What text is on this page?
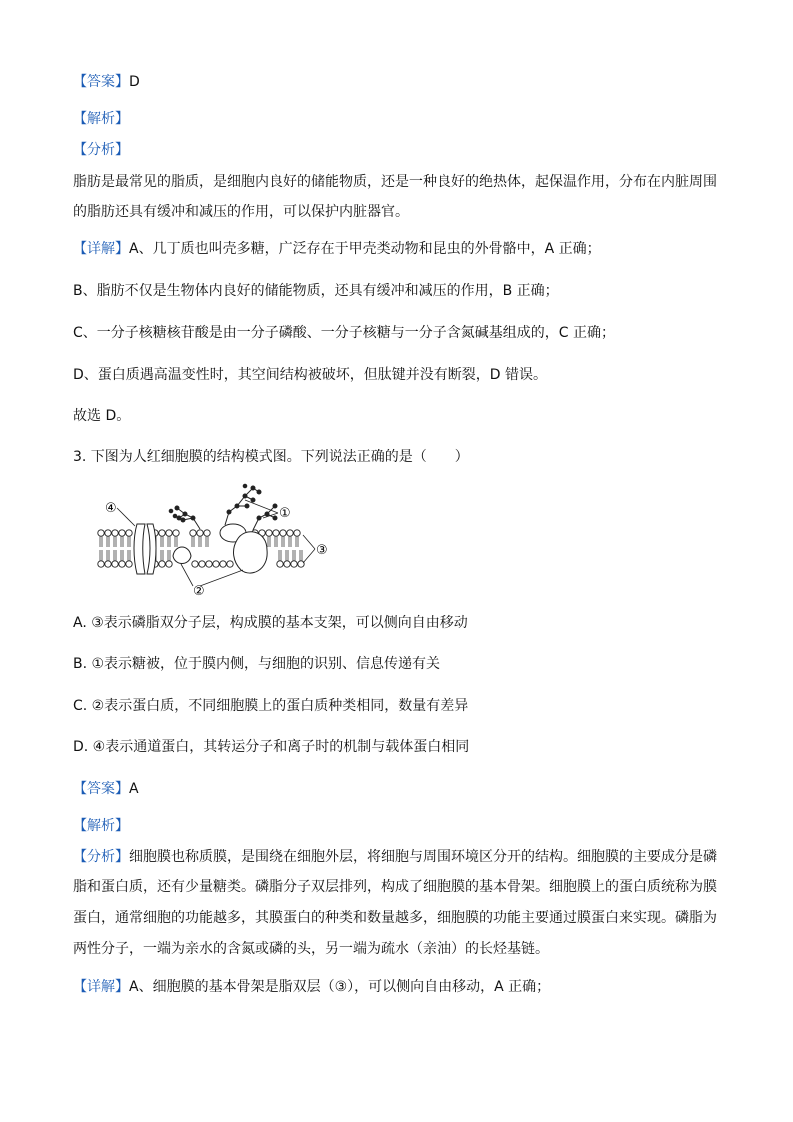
【答案】D
【解析】
【分析】
脂肪是最常见的脂质，是细胞内良好的储能物质，还是一种良好的绝热体，起保温作用，分布在内脏周围
的脂肪还具有缓冲和减压的作用，可以保护内脏器官。
【详解】A、几丁质也叫壳多糖，广泛存在于甲壳类动物和昆虫的外骨骼中，A 正确；
B、脂肪不仅是生物体内良好的储能物质，还具有缓冲和减压的作用，B 正确；
C、一分子核糖核苷酸是由一分子磷酸、一分子核糖与一分子含氮碱基组成的，C 正确；
D、蛋白质遇高温变性时，其空间结构被破坏，但肽键并没有断裂，D 错误。
故选 D。
3. 下图为人红细胞膜的结构模式图。下列说法正确的是（　　）
①
②
③
④
A. ③表示磷脂双分子层，构成膜的基本支架，可以侧向自由移动
B. ①表示糖被，位于膜内侧，与细胞的识别、信息传递有关
C. ②表示蛋白质，不同细胞膜上的蛋白质种类相同，数量有差异
D. ④表示通道蛋白，其转运分子和离子时的机制与载体蛋白相同
【答案】A
【解析】
【分析】细胞膜也称质膜，是围绕在细胞外层，将细胞与周围环境区分开的结构。细胞膜的主要成分是磷
脂和蛋白质，还有少量糖类。磷脂分子双层排列，构成了细胞膜的基本骨架。细胞膜上的蛋白质统称为膜
蛋白，通常细胞的功能越多，其膜蛋白的种类和数量越多，细胞膜的功能主要通过膜蛋白来实现。磷脂为
两性分子，一端为亲水的含氮或磷的头，另一端为疏水（亲油）的长烃基链。
【详解】A、细胞膜的基本骨架是脂双层（③），可以侧向自由移动，A 正确；
